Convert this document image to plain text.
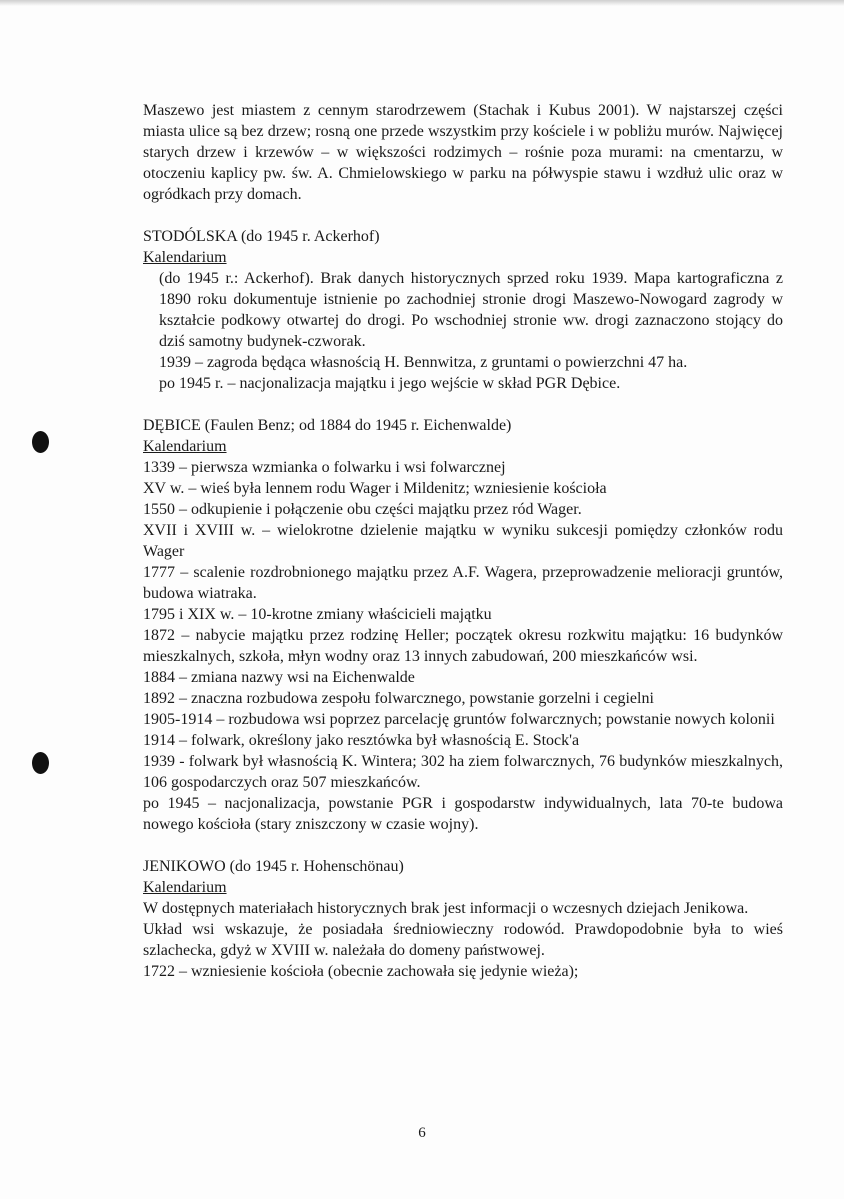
Maszewo jest miastem z cennym starodrzewem (Stachak i Kubus 2001). W najstarszej części miasta ulice są bez drzew; rosną one przede wszystkim przy kościele i w pobliżu murów. Najwięcej starych drzew i krzewów – w większości rodzimych – rośnie poza murami: na cmentarzu, w otoczeniu kaplicy pw. św. A. Chmielowskiego w parku na półwyspie stawu i wzdłuż ulic oraz w ogródkach przy domach.

STODÓLSKA (do 1945 r. Ackerhof)

Kalendarium

(do 1945 r.: Ackerhof). Brak danych historycznych sprzed roku 1939. Mapa kartograficzna z 1890 roku dokumentuje istnienie po zachodniej stronie drogi Maszewo-Nowogard zagrody w kształcie podkowy otwartej do drogi. Po wschodniej stronie ww. drogi zaznaczono stojący do dziś samotny budynek-czworak.

1939 – zagroda będąca własnością H. Bennwitza, z gruntami o powierzchni 47 ha.

po 1945 r. – nacjonalizacja majątku i jego wejście w skład PGR Dębice.

DĘBICE (Faulen Benz; od 1884 do 1945 r. Eichenwalde)

Kalendarium

1339 – pierwsza wzmianka o folwarku i wsi folwarcznej

XV w. – wieś była lennem rodu Wager i Mildenitz; wzniesienie kościoła

1550 – odkupienie i połączenie obu części majątku przez ród Wager.

XVII i XVIII w. – wielokrotne dzielenie majątku w wyniku sukcesji pomiędzy członków rodu Wager

1777 – scalenie rozdrobnionego majątku przez A.F. Wagera, przeprowadzenie melioracji gruntów, budowa wiatraka.

1795 i XIX w. – 10-krotne zmiany właścicieli majątku

1872 – nabycie majątku przez rodzinę Heller; początek okresu rozkwitu majątku: 16 budynków mieszkalnych, szkoła, młyn wodny oraz 13 innych zabudowań, 200 mieszkańców wsi.

1884 – zmiana nazwy wsi na Eichenwalde

1892 – znaczna rozbudowa zespołu folwarcznego, powstanie gorzelni i cegielni

1905-1914 – rozbudowa wsi poprzez parcelację gruntów folwarcznych; powstanie nowych kolonii

1914 – folwark, określony jako resztówka był własnością E. Stock'a

1939 - folwark był własnością K. Wintera; 302 ha ziem folwarcznych, 76 budynków mieszkalnych, 106 gospodarczych oraz 507 mieszkańców.

po 1945 – nacjonalizacja, powstanie PGR i gospodarstw indywidualnych, lata 70-te budowa nowego kościoła (stary zniszczony w czasie wojny).

JENIKOWO (do 1945 r. Hohenschönau)

Kalendarium

W dostępnych materiałach historycznych brak jest informacji o wczesnych dziejach Jenikowa.

Układ wsi wskazuje, że posiadała średniowieczny rodowód. Prawdopodobnie była to wieś szlachecka, gdyż w XVIII w. należała do domeny państwowej.

1722 – wzniesienie kościoła (obecnie zachowała się jedynie wieża);

6
